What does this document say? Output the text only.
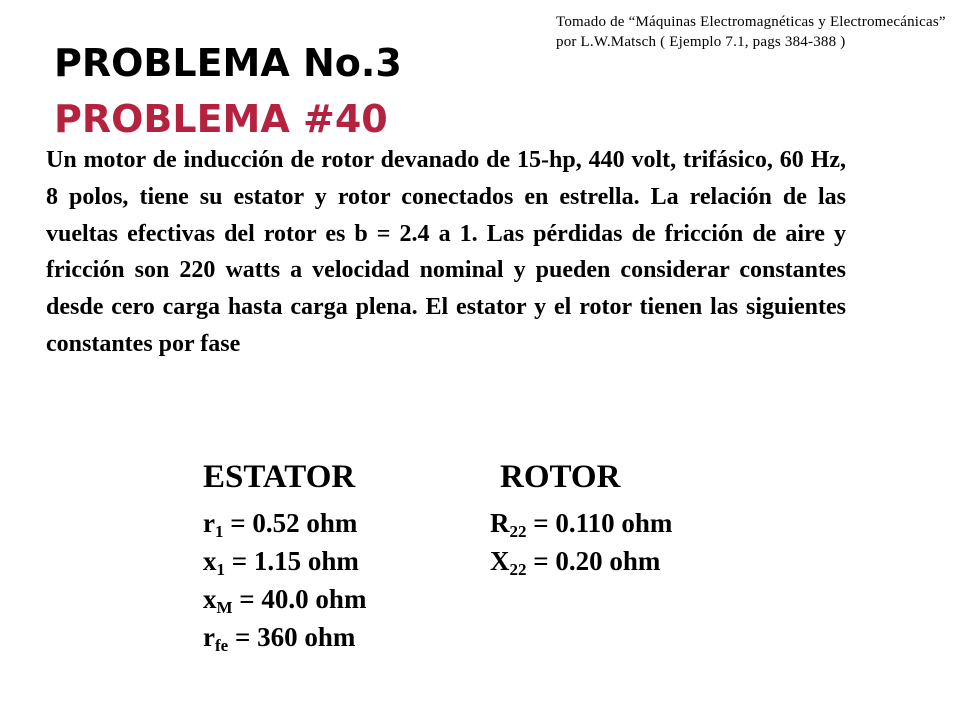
Tomado de “Máquinas Electromagnéticas y Electromecánicas” por L.W.Matsch ( Ejemplo 7.1, pags 384-388 )
PROBLEMA No.3
PROBLEMA #40
Un motor de inducción de rotor devanado de 15-hp, 440 volt, trifásico, 60 Hz, 8 polos, tiene su estator y rotor conectados en estrella. La relación de las vueltas efectivas del rotor es b = 2.4 a 1. Las pérdidas de fricción de aire y fricción son 220 watts a velocidad nominal y pueden considerar constantes desde cero carga hasta carga plena. El estator y el rotor tienen las siguientes constantes por fase
ESTATOR	ROTOR
$r_1 = 0.52$ ohm
$x_1 = 1.15$ ohm
$x_M = 40.0$ ohm
$r_{fe} = 360$ ohm
$R_{22} = 0.110$ ohm
$X_{22} = 0.20$ ohm
